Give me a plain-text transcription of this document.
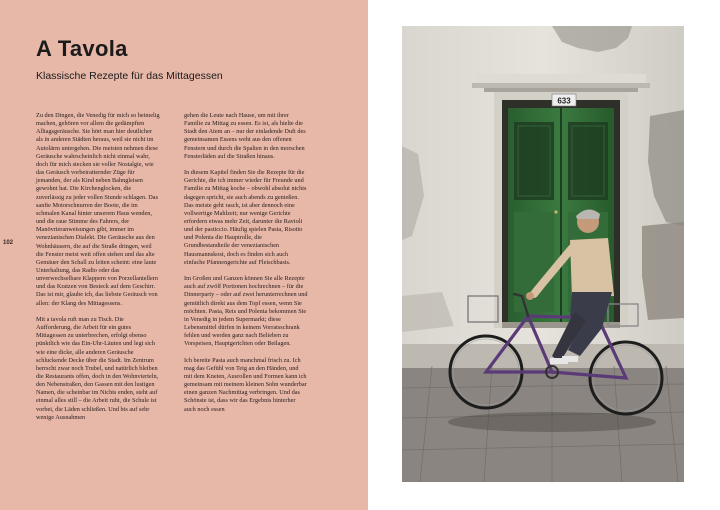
A Tavola

Klassische Rezepte für das Mittagessen

102

Zu den Dingen, die Venedig für mich so heimelig machen, gehören vor allem die gedämpften Alltagsgeräusche. Sie hört man hier deutlicher als in anderen Städten heraus, weil sie nicht im Autolärm untergehen. Die meisten nehmen diese Geräusche wahrscheinlich nicht einmal wahr, doch für mich stecken sie voller Nostalgie, wie das Geräusch vorbeiratternder Züge für jemanden, der als Kind neben Bahngleisen gewohnt hat. Die Kirchenglocken, die zuverlässig zu jeder vollen Stunde schlagen. Das sanfte Motorschnurren der Boote, die im schmalen Kanal hinter unserem Haus wenden, und die raue Stimme des Fahrers, der Manövrieranweisungen gibt, immer im venezianischen Dialekt. Die Geräusche aus den Wohnhäusern, die auf die Straße dringen, weil die Fenster meist weit offen stehen und das alte Gemäuer den Schall zu leiten scheint: eine laute Unterhaltung, das Radio oder das unverwechselbare Klappern von Porzellantellern und das Kratzen von Besteck auf dem Geschirr. Das ist mir, glaube ich, das liebste Geräusch von allen: der Klang des Mittagessens.

Mit a tavola ruft man zu Tisch. Die Aufforderung, die Arbeit für ein gutes Mittagessen zu unterbrechen, erfolgt ebenso pünktlich wie das Ein-Uhr-Läuten und legt sich wie eine dicke, alle anderen Geräusche schluckende Decke über die Stadt. Im Zentrum herrscht zwar noch Trubel, und natürlich bleiben die Restaurants offen, doch in den Wohnvierteln, den Nebenstraßen, den Gassen mit den lustigen Namen, die scheinbar im Nichts enden, steht auf einmal alles still – die Arbeit ruht, die Schule ist vorbei, die Läden schließen. Und bis auf sehr wenige Ausnahmen

gehen die Leute nach Hause, um mit ihrer Familie zu Mittag zu essen. Es ist, als hielte die Stadt den Atem an – nur der einladende Duft des gemeinsamen Essens weht aus den offenen Fenstern und durch die Spalten in den morschen Fensterläden auf die Straßen hinaus.

In diesem Kapitel finden Sie die Rezepte für die Gerichte, die ich immer wieder für Freunde und Familie zu Mittag koche – obwohl absolut nichts dagegen spricht, sie auch abends zu genießen. Das meiste geht rasch, ist aber dennoch eine vollwertige Mahlzeit; nur wenige Gerichte erfordern etwas mehr Zeit, darunter die Ravioli und der pasticcio. Häufig spielen Pasta, Risotto und Polenta die Hauptrolle, die Grundbestandteile der venezianischen Hausmannskost, doch es finden sich auch einfache Pfannengerichte auf Fleischbasis.

Im Großen und Ganzen können Sie alle Rezepte auch auf zwölf Portionen hochrechnen – für die Dinnerparty – oder auf zwei herunterrechnen und gemütlich direkt aus dem Topf essen, wenn Sie möchten. Pasta, Reis und Polenta bekommen Sie in Venedig in jedem Supermarkt; diese Lebensmittel dürfen in keinem Vorratsschrank fehlen und werden ganz nach Belieben zu Vorspeisen, Hauptgerichten oder Beilagen.

Ich bereite Pasta auch manchmal frisch zu. Ich mag das Gefühl von Teig an den Händen, und mit dem Kneten, Ausrollen und Formen kann ich gemeinsam mit meinem kleinen Sohn wunderbar einen ganzen Nachmittag verbringen. Und das Schönste ist, dass wir das Ergebnis hinterher auch noch essen

633
